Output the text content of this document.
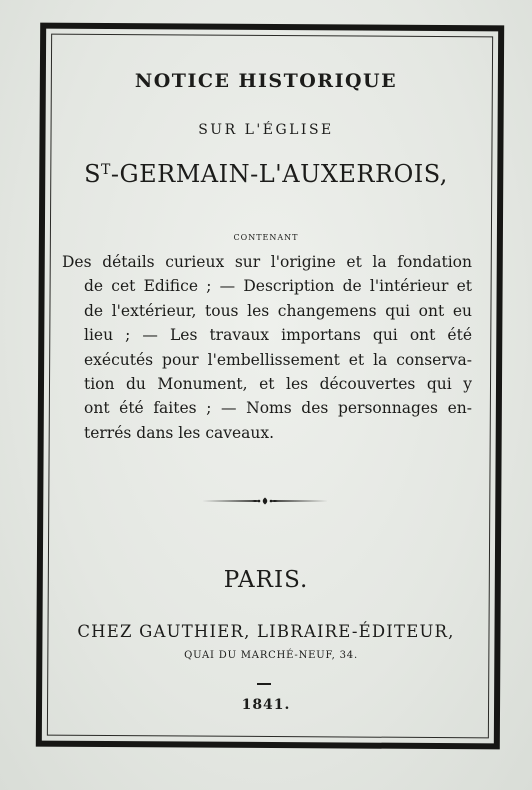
NOTICE HISTORIQUE
SUR L'ÉGLISE
$S^T-GERMAIN-L'AUXERROIS$,
CONTENANT
Des détails curieux sur l'origine et la fondation
de cet Edifice ; — Description de l'intérieur et
de l'extérieur, tous les changemens qui ont eu
lieu ; — Les travaux importans qui ont été
exécutés pour l'embellissement et la conserva-
tion du Monument, et les découvertes qui y
ont été faites ; — Noms des personnages en-
terrés dans les caveaux.
PARIS.
CHEZ GAUTHIER, LIBRAIRE-ÉDITEUR,
QUAI DU MARCHÉ-NEUF, 34.
1841.
